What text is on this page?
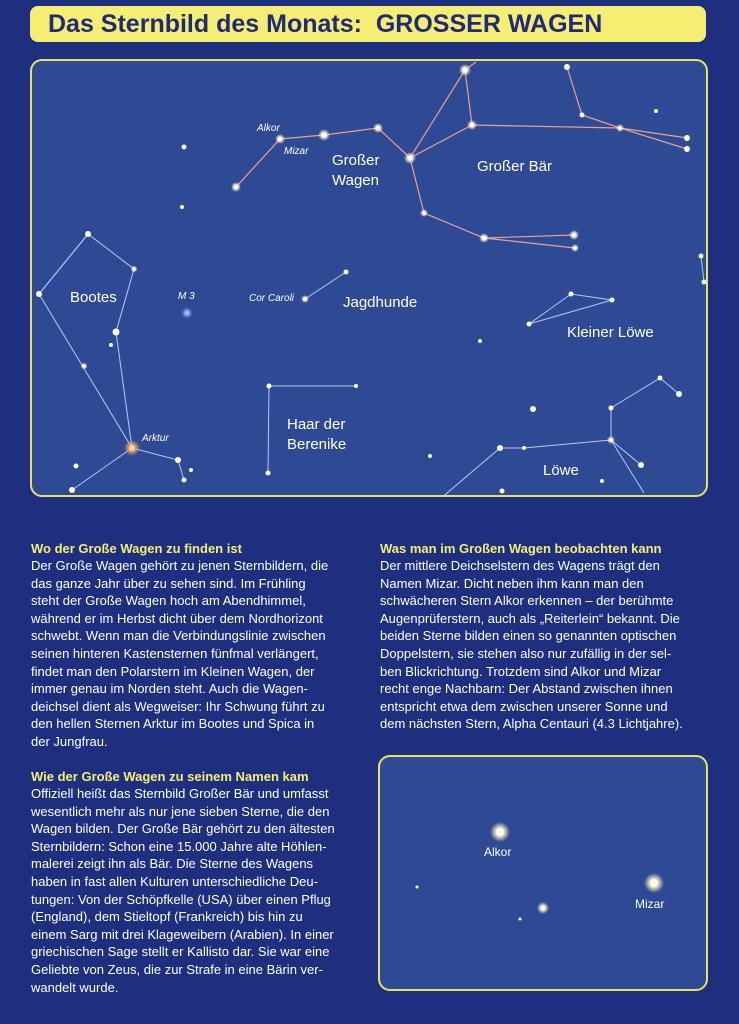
Das Sternbild des Monats:
GROSSER WAGEN
Alkor
Mizar
Großer
Wagen
Großer Bär
Bootes	M 3	Cor Caroli	Jagdhunde
Kleiner Löwe
Haar der
Berenike
Arktur
Löwe
Wo der Große Wagen zu finden ist

Der Große Wagen gehört zu jenen Sternbildern, die

das ganze Jahr über zu sehen sind. Im Frühling

steht der Große Wagen hoch am Abendhimmel,

während er im Herbst dicht über dem Nordhorizont

schwebt. Wenn man die Verbindungslinie zwischen

seinen hinteren Kastensternen fünfmal verlängert,

findet man den Polarstern im Kleinen Wagen, der

immer genau im Norden steht. Auch die Wagen-

deichsel dient als Wegweiser: Ihr Schwung führt zu

den hellen Sternen Arktur im Bootes und Spica in

der Jungfrau.

Wie der Große Wagen zu seinem Namen kam

Offiziell heißt das Sternbild Großer Bär und umfasst

wesentlich mehr als nur jene sieben Sterne, die den

Wagen bilden. Der Große Bär gehört zu den ältesten

Sternbildern: Schon eine 15.000 Jahre alte Höhlen-

malerei zeigt ihn als Bär. Die Sterne des Wagens

haben in fast allen Kulturen unterschiedliche Deu-

tungen: Von der Schöpfkelle (USA) über einen Pflug

(England), dem Stieltopf (Frankreich) bis hin zu

einem Sarg mit drei Klageweibern (Arabien). In einer

griechischen Sage stellt er Kallisto dar. Sie war eine

Geliebte von Zeus, die zur Strafe in eine Bärin ver-

wandelt wurde.

Was man im Großen Wagen beobachten kann

Der mittlere Deichselstern des Wagens trägt den

Namen Mizar. Dicht neben ihm kann man den

schwächeren Stern Alkor erkennen – der berühmte

Augenprüferstern, auch als „Reiterlein“ bekannt. Die

beiden Sterne bilden einen so genannten optischen

Doppelstern, sie stehen also nur zufällig in der sel-

ben Blickrichtung. Trotzdem sind Alkor und Mizar

recht enge Nachbarn: Der Abstand zwischen ihnen

entspricht etwa dem zwischen unserer Sonne und

dem nächsten Stern, Alpha Centauri (4.3 Lichtjahre).

Alkor
Mizar
